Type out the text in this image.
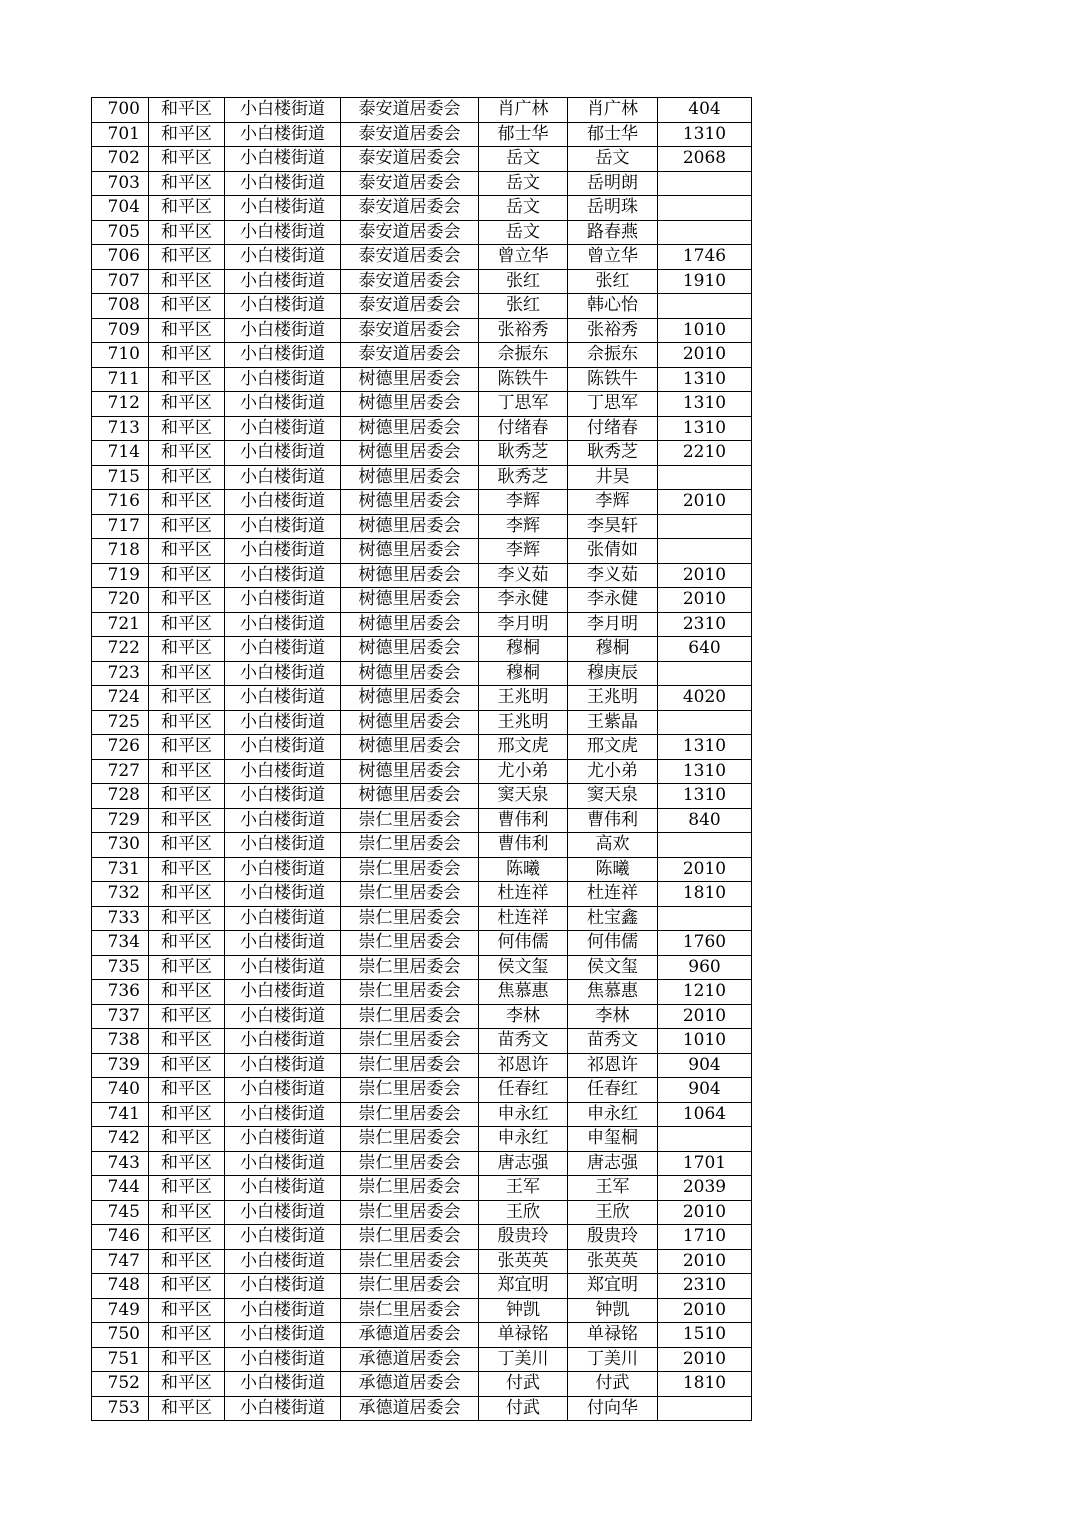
700	和平区	小白楼街道	泰安道居委会	肖广林	肖广林	404
701	和平区	小白楼街道	泰安道居委会	郁士华	郁士华	1310
702	和平区	小白楼街道	泰安道居委会	岳文	岳文	2068
703	和平区	小白楼街道	泰安道居委会	岳文	岳明朗	
704	和平区	小白楼街道	泰安道居委会	岳文	岳明珠	
705	和平区	小白楼街道	泰安道居委会	岳文	路春燕	
706	和平区	小白楼街道	泰安道居委会	曾立华	曾立华	1746
707	和平区	小白楼街道	泰安道居委会	张红	张红	1910
708	和平区	小白楼街道	泰安道居委会	张红	韩心怡	
709	和平区	小白楼街道	泰安道居委会	张裕秀	张裕秀	1010
710	和平区	小白楼街道	泰安道居委会	佘振东	佘振东	2010
711	和平区	小白楼街道	树德里居委会	陈铁牛	陈铁牛	1310
712	和平区	小白楼街道	树德里居委会	丁思军	丁思军	1310
713	和平区	小白楼街道	树德里居委会	付绪春	付绪春	1310
714	和平区	小白楼街道	树德里居委会	耿秀芝	耿秀芝	2210
715	和平区	小白楼街道	树德里居委会	耿秀芝	井昊	
716	和平区	小白楼街道	树德里居委会	李辉	李辉	2010
717	和平区	小白楼街道	树德里居委会	李辉	李昊轩	
718	和平区	小白楼街道	树德里居委会	李辉	张倩如	
719	和平区	小白楼街道	树德里居委会	李义茹	李义茹	2010
720	和平区	小白楼街道	树德里居委会	李永健	李永健	2010
721	和平区	小白楼街道	树德里居委会	李月明	李月明	2310
722	和平区	小白楼街道	树德里居委会	穆桐	穆桐	640
723	和平区	小白楼街道	树德里居委会	穆桐	穆庚辰	
724	和平区	小白楼街道	树德里居委会	王兆明	王兆明	4020
725	和平区	小白楼街道	树德里居委会	王兆明	王紫晶	
726	和平区	小白楼街道	树德里居委会	邢文虎	邢文虎	1310
727	和平区	小白楼街道	树德里居委会	尤小弟	尤小弟	1310
728	和平区	小白楼街道	树德里居委会	窦天泉	窦天泉	1310
729	和平区	小白楼街道	崇仁里居委会	曹伟利	曹伟利	840
730	和平区	小白楼街道	崇仁里居委会	曹伟利	高欢	
731	和平区	小白楼街道	崇仁里居委会	陈曦	陈曦	2010
732	和平区	小白楼街道	崇仁里居委会	杜连祥	杜连祥	1810
733	和平区	小白楼街道	崇仁里居委会	杜连祥	杜宝鑫	
734	和平区	小白楼街道	崇仁里居委会	何伟儒	何伟儒	1760
735	和平区	小白楼街道	崇仁里居委会	侯文玺	侯文玺	960
736	和平区	小白楼街道	崇仁里居委会	焦慕惠	焦慕惠	1210
737	和平区	小白楼街道	崇仁里居委会	李林	李林	2010
738	和平区	小白楼街道	崇仁里居委会	苗秀文	苗秀文	1010
739	和平区	小白楼街道	崇仁里居委会	祁恩许	祁恩许	904
740	和平区	小白楼街道	崇仁里居委会	任春红	任春红	904
741	和平区	小白楼街道	崇仁里居委会	申永红	申永红	1064
742	和平区	小白楼街道	崇仁里居委会	申永红	申玺桐	
743	和平区	小白楼街道	崇仁里居委会	唐志强	唐志强	1701
744	和平区	小白楼街道	崇仁里居委会	王军	王军	2039
745	和平区	小白楼街道	崇仁里居委会	王欣	王欣	2010
746	和平区	小白楼街道	崇仁里居委会	殷贵玲	殷贵玲	1710
747	和平区	小白楼街道	崇仁里居委会	张英英	张英英	2010
748	和平区	小白楼街道	崇仁里居委会	郑宜明	郑宜明	2310
749	和平区	小白楼街道	崇仁里居委会	钟凯	钟凯	2010
750	和平区	小白楼街道	承德道居委会	单禄铭	单禄铭	1510
751	和平区	小白楼街道	承德道居委会	丁美川	丁美川	2010
752	和平区	小白楼街道	承德道居委会	付武	付武	1810
753	和平区	小白楼街道	承德道居委会	付武	付向华	
